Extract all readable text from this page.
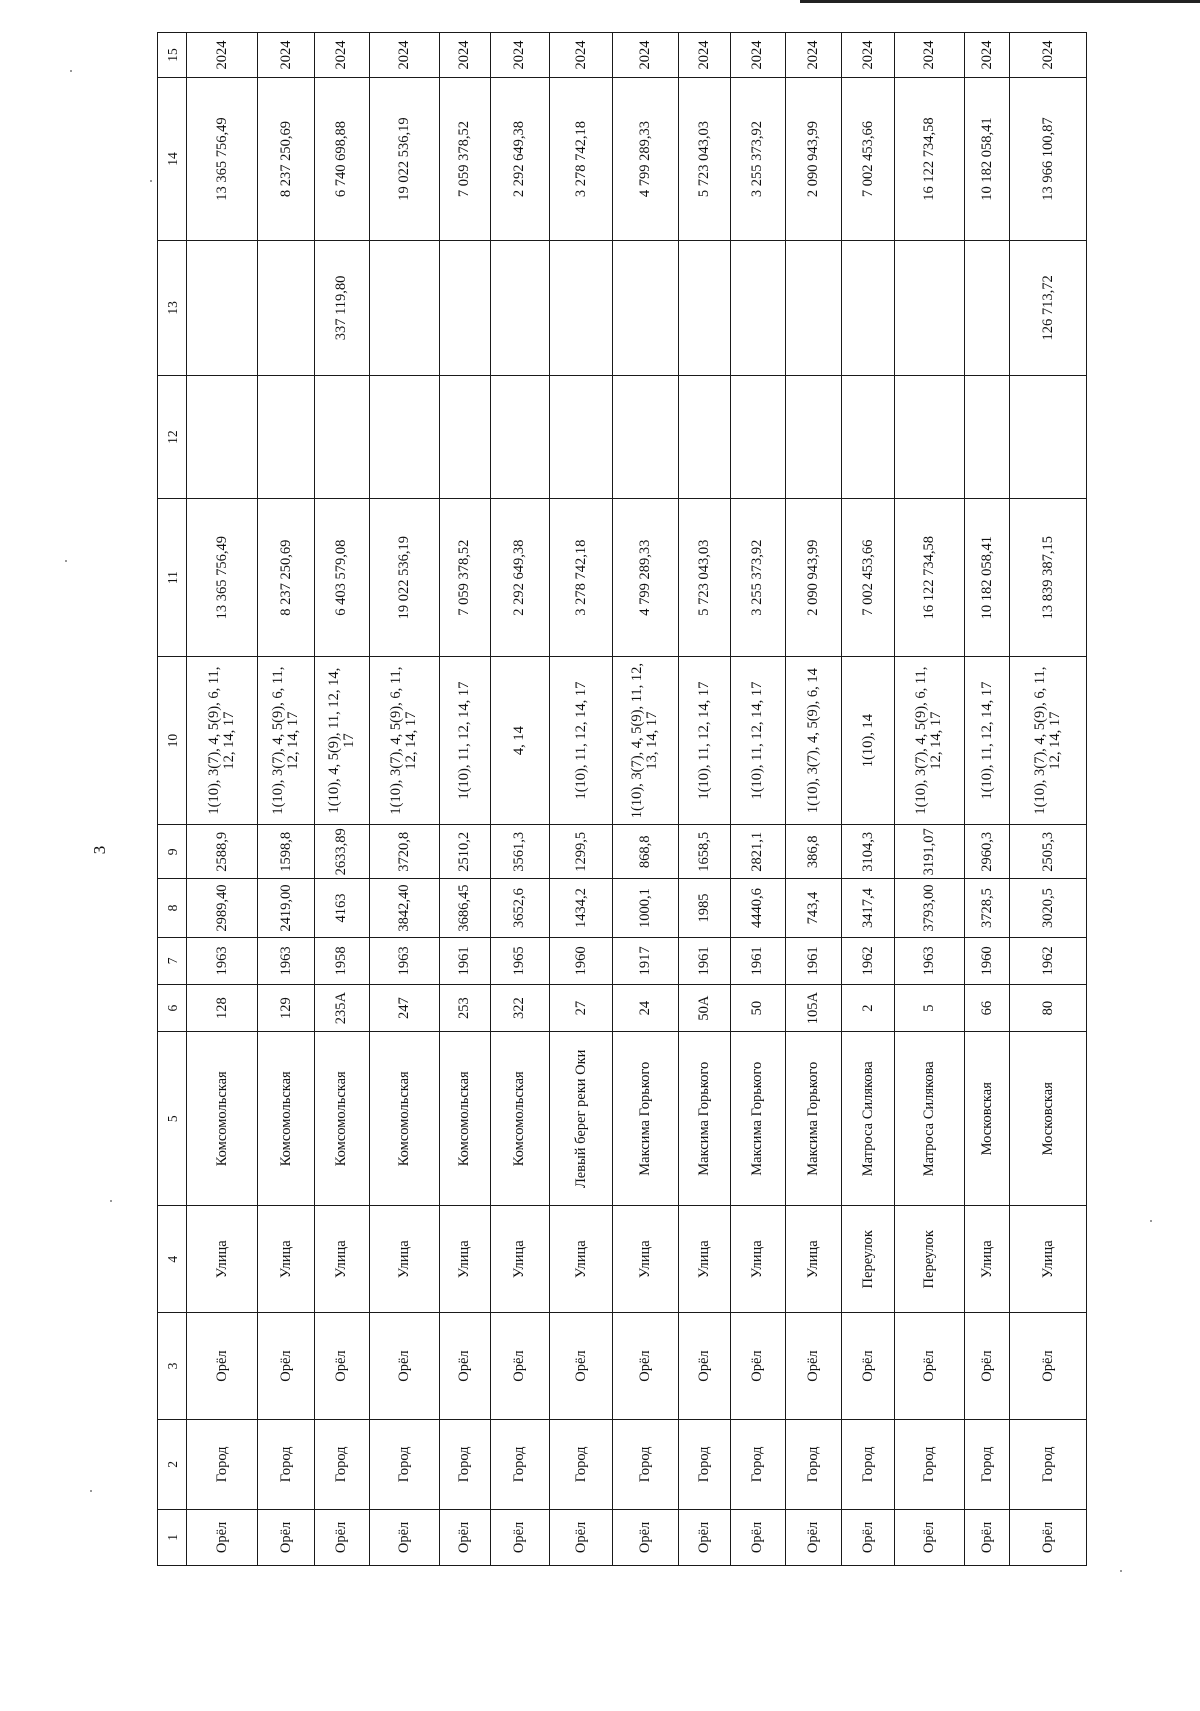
3
1	2	3	4	5	6	7	8	9	10	11	12	13	14	15
Орёл	Город	Орёл	Улица	Комсомольская	128	1963	2989,40	2588,9	1(10), 3(7), 4, 5(9), 6, 11, 12, 14, 17	13 365 756,49			13 365 756,49	2024
Орёл	Город	Орёл	Улица	Комсомольская	129	1963	2419,00	1598,8	1(10), 3(7), 4, 5(9), 6, 11, 12, 14, 17	8 237 250,69			8 237 250,69	2024
Орёл	Город	Орёл	Улица	Комсомольская	235А	1958	4163	2633,89	1(10), 4, 5(9), 11, 12, 14, 17	6 403 579,08		337 119,80	6 740 698,88	2024
Орёл	Город	Орёл	Улица	Комсомольская	247	1963	3842,40	3720,8	1(10), 3(7), 4, 5(9), 6, 11, 12, 14, 17	19 022 536,19			19 022 536,19	2024
Орёл	Город	Орёл	Улица	Комсомольская	253	1961	3686,45	2510,2	1(10), 11, 12, 14, 17	7 059 378,52			7 059 378,52	2024
Орёл	Город	Орёл	Улица	Комсомольская	322	1965	3652,6	3561,3	4, 14	2 292 649,38			2 292 649,38	2024
Орёл	Город	Орёл	Улица	Левый берег реки Оки	27	1960	1434,2	1299,5	1(10), 11, 12, 14, 17	3 278 742,18			3 278 742,18	2024
Орёл	Город	Орёл	Улица	Максима Горького	24	1917	1000,1	868,8	1(10), 3(7), 4, 5(9), 11, 12, 13, 14, 17	4 799 289,33			4 799 289,33	2024
Орёл	Город	Орёл	Улица	Максима Горького	50А	1961	1985	1658,5	1(10), 11, 12, 14, 17	5 723 043,03			5 723 043,03	2024
Орёл	Город	Орёл	Улица	Максима Горького	50	1961	4440,6	2821,1	1(10), 11, 12, 14, 17	3 255 373,92			3 255 373,92	2024
Орёл	Город	Орёл	Улица	Максима Горького	105А	1961	743,4	386,8	1(10), 3(7), 4, 5(9), 6, 14	2 090 943,99			2 090 943,99	2024
Орёл	Город	Орёл	Переулок	Матроса Силякова	2	1962	3417,4	3104,3	1(10), 14	7 002 453,66			7 002 453,66	2024
Орёл	Город	Орёл	Переулок	Матроса Силякова	5	1963	3793,00	3191,07	1(10), 3(7), 4, 5(9), 6, 11, 12, 14, 17	16 122 734,58			16 122 734,58	2024
Орёл	Город	Орёл	Улица	Московская	66	1960	3728,5	2960,3	1(10), 11, 12, 14, 17	10 182 058,41			10 182 058,41	2024
Орёл	Город	Орёл	Улица	Московская	80	1962	3020,5	2505,3	1(10), 3(7), 4, 5(9), 6, 11, 12, 14, 17	13 839 387,15		126 713,72	13 966 100,87	2024
